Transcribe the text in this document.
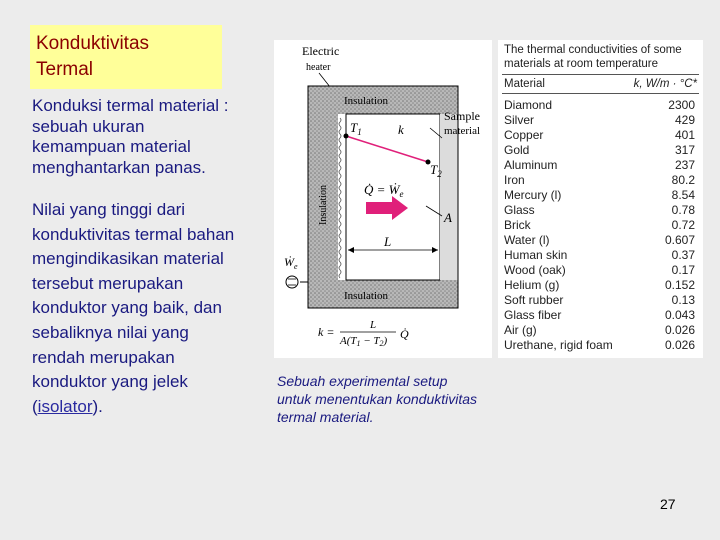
Konduktivitas
Termal
Konduksi termal material :
sebuah ukuran
kemampuan material
menghantarkan panas.
Nilai yang tinggi dari
konduktivitas termal bahan
mengindikasikan material
tersebut merupakan
konduktor yang baik, dan
sebaliknya nilai yang
rendah merupakan
konduktor yang jelek
(isolator).
Electric
heater
Insulation
Insulation
Insulation
$T_1$
$T_2$
k
Sample
material
Q̇ = Ẇ$_e$
A
L
Ẇ$_e$
k =	L
A(T1 − T2) Q̇
The thermal conductivities of some
materials at room temperature
Material	k, W/m · °C*
Diamond	2300
Silver	429
Copper	401
Gold	317
Aluminum	237
Iron	80.2
Mercury (l)	8.54
Glass	0.78
Brick	0.72
Water (l)	0.607
Human skin	0.37
Wood (oak)	0.17
Helium (g)	0.152
Soft rubber	0.13
Glass fiber	0.043
Air (g)	0.026
Urethane, rigid foam	0.026
Sebuah experimental setup
untuk menentukan konduktivitas
termal material.
27
